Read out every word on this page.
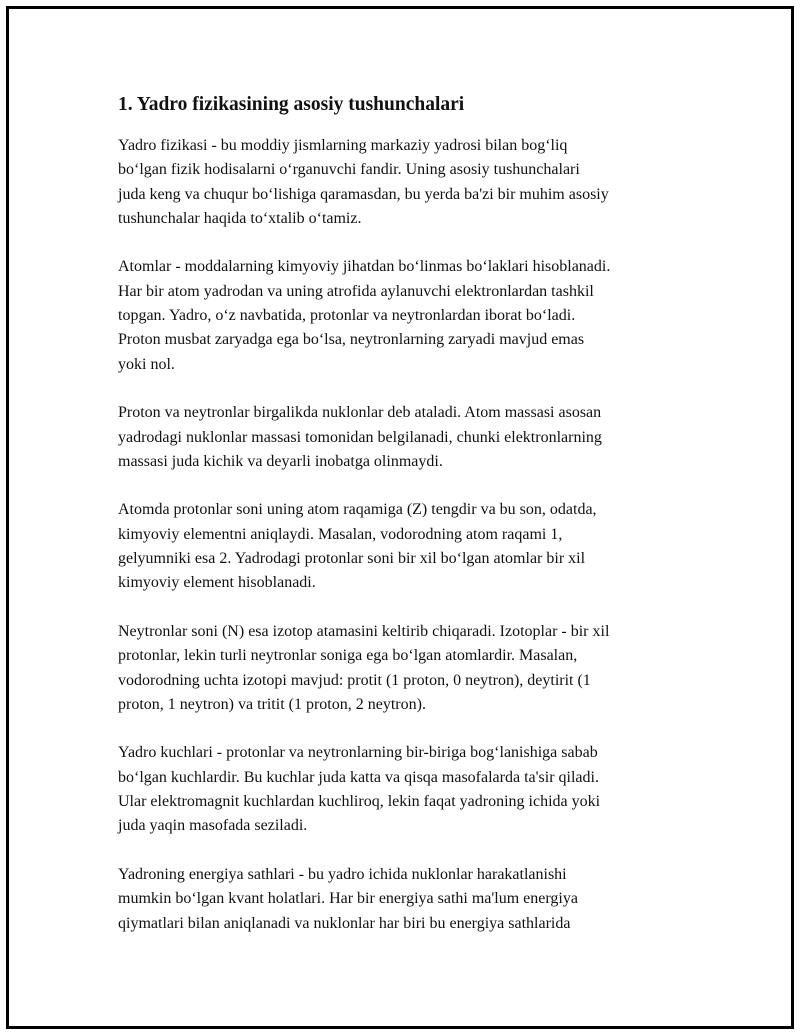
1. Yadro fizikasining asosiy tushunchalari
Yadro fizikasi - bu moddiy jismlarning markaziy yadrosi bilan bog‘liq
bo‘lgan fizik hodisalarni o‘rganuvchi fandir. Uning asosiy tushunchalari
juda keng va chuqur bo‘lishiga qaramasdan, bu yerda ba'zi bir muhim asosiy
tushunchalar haqida to‘xtalib o‘tamiz.
Atomlar - moddalarning kimyoviy jihatdan bo‘linmas bo‘laklari hisoblanadi.
Har bir atom yadrodan va uning atrofida aylanuvchi elektronlardan tashkil
topgan. Yadro, o‘z navbatida, protonlar va neytronlardan iborat bo‘ladi.
Proton musbat zaryadga ega bo‘lsa, neytronlarning zaryadi mavjud emas
yoki nol.
Proton va neytronlar birgalikda nuklonlar deb ataladi. Atom massasi asosan
yadrodagi nuklonlar massasi tomonidan belgilanadi, chunki elektronlarning
massasi juda kichik va deyarli inobatga olinmaydi.
Atomda protonlar soni uning atom raqamiga (Z) tengdir va bu son, odatda,
kimyoviy elementni aniqlaydi. Masalan, vodorodning atom raqami 1,
gelyumniki esa 2. Yadrodagi protonlar soni bir xil bo‘lgan atomlar bir xil
kimyoviy element hisoblanadi.
Neytronlar soni (N) esa izotop atamasini keltirib chiqaradi. Izotoplar - bir xil
protonlar, lekin turli neytronlar soniga ega bo‘lgan atomlardir. Masalan,
vodorodning uchta izotopi mavjud: protit (1 proton, 0 neytron), deytirit (1
proton, 1 neytron) va tritit (1 proton, 2 neytron).
Yadro kuchlari - protonlar va neytronlarning bir-biriga bog‘lanishiga sabab
bo‘lgan kuchlardir. Bu kuchlar juda katta va qisqa masofalarda ta'sir qiladi.
Ular elektromagnit kuchlardan kuchliroq, lekin faqat yadroning ichida yoki
juda yaqin masofada seziladi.
Yadroning energiya sathlari - bu yadro ichida nuklonlar harakatlanishi
mumkin bo‘lgan kvant holatlari. Har bir energiya sathi ma'lum energiya
qiymatlari bilan aniqlanadi va nuklonlar har biri bu energiya sathlarida
